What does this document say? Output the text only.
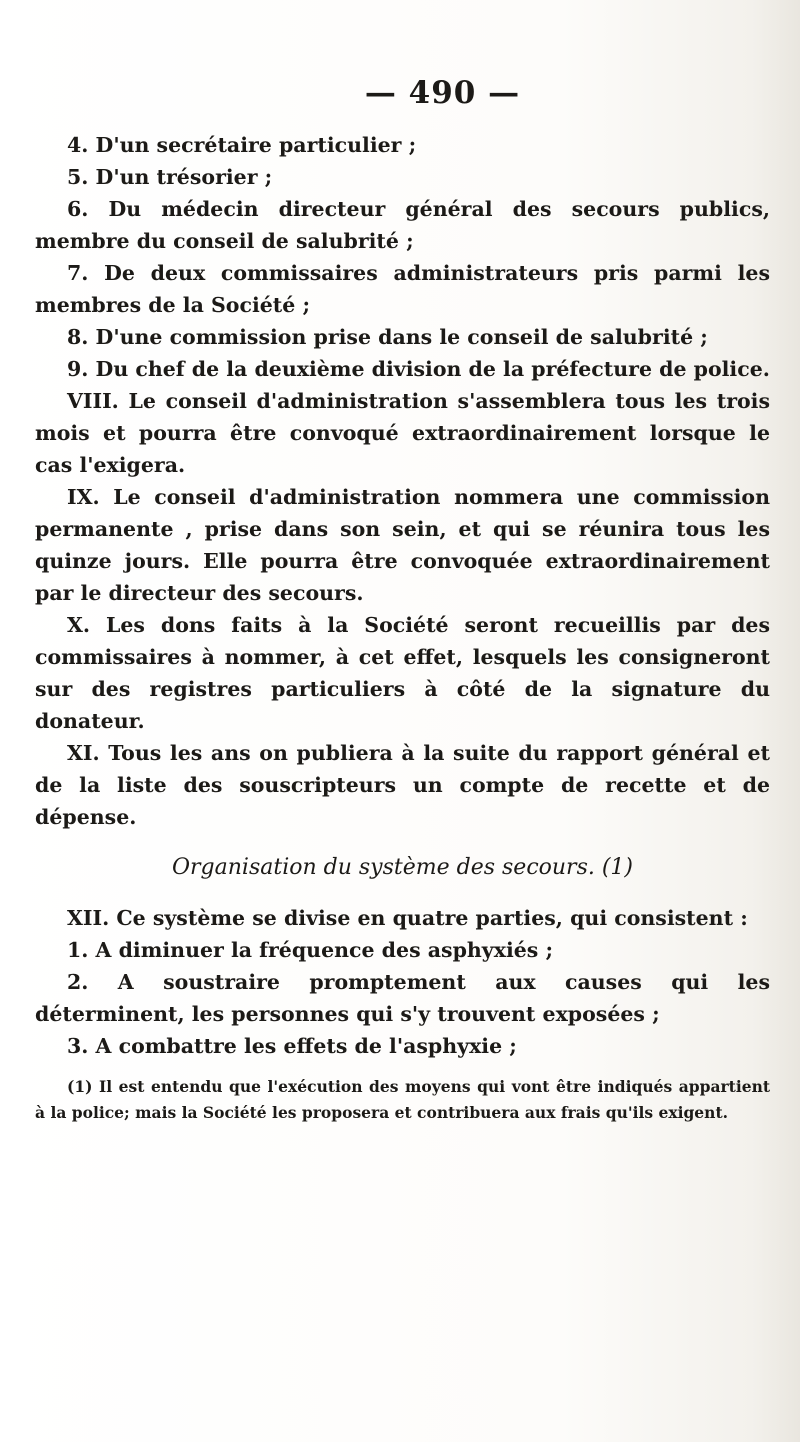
— 490 —

4. D'un secrétaire particulier ;

5. D'un trésorier ;

6. Du médecin directeur général des secours publics, membre du conseil de salubrité ;

7. De deux commissaires administrateurs pris parmi les membres de la Société ;

8. D'une commission prise dans le conseil de salubrité ;

9. Du chef de la deuxième division de la préfecture de police.

VIII. Le conseil d'administration s'assemblera tous les trois mois et pourra être convoqué extraordinairement lorsque le cas l'exigera.

IX. Le conseil d'administration nommera une commission permanente , prise dans son sein, et qui se réunira tous les quinze jours. Elle pourra être convoquée extraordinairement par le directeur des secours.

X. Les dons faits à la Société seront recueillis par des commissaires à nommer, à cet effet, lesquels les consigneront sur des registres particuliers à côté de la signature du donateur.

XI. Tous les ans on publiera à la suite du rapport général et de la liste des souscripteurs un compte de recette et de dépense.

Organisation du système des secours. (1)

XII. Ce système se divise en quatre parties, qui consistent :

1. A diminuer la fréquence des asphyxiés ;

2. A soustraire promptement aux causes qui les déterminent, les personnes qui s'y trouvent exposées ;

3. A combattre les effets de l'asphyxie ;

(1) Il est entendu que l'exécution des moyens qui vont être indiqués appartient à la police; mais la Société les proposera et contribuera aux frais qu'ils exigent.
